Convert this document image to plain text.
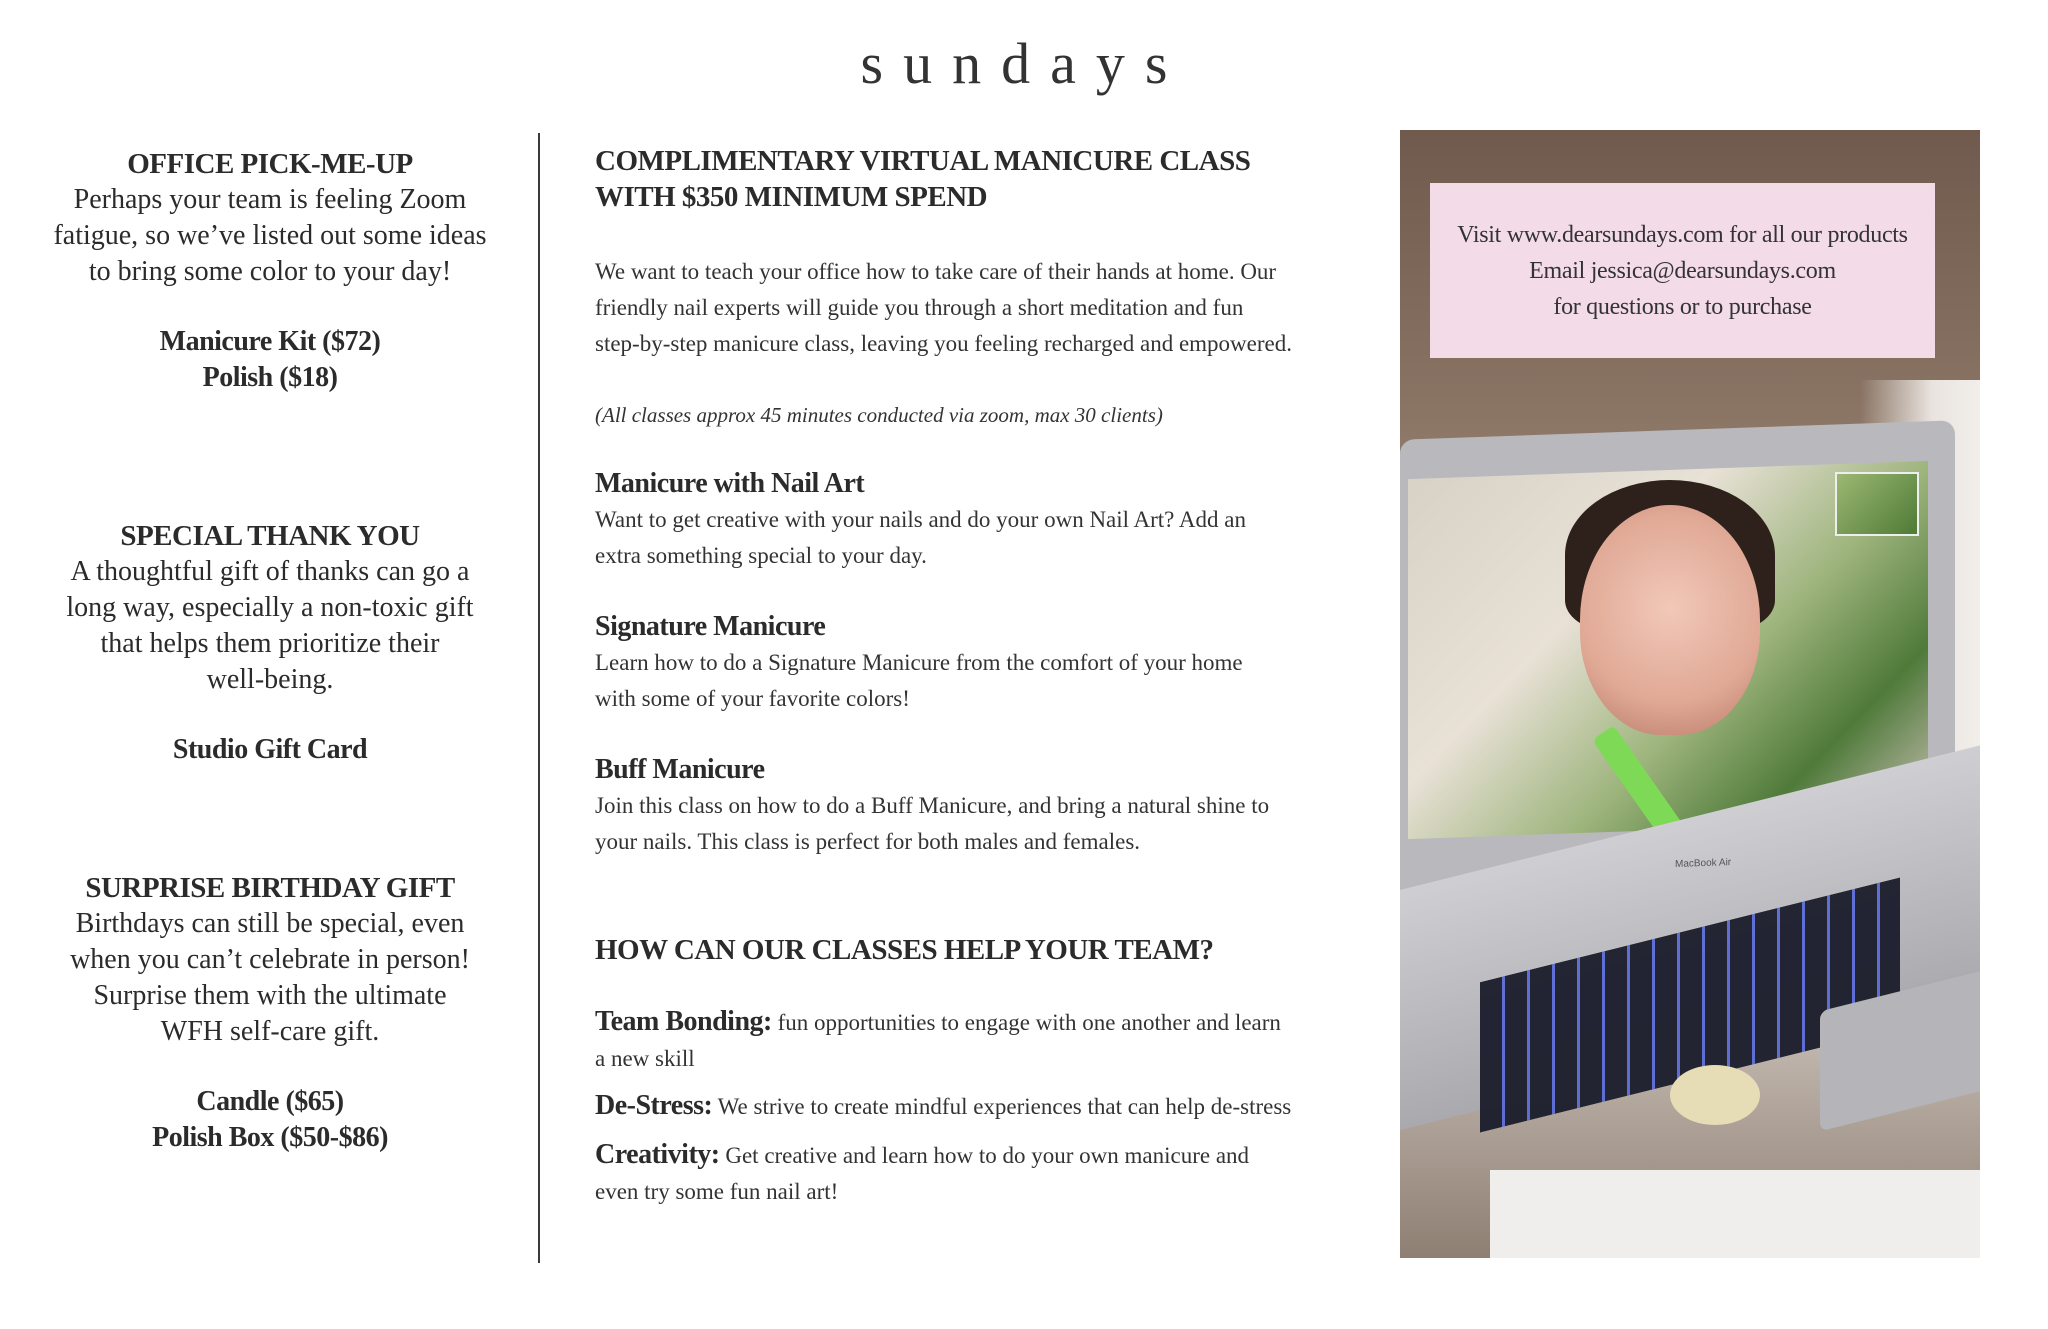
sundays

OFFICE PICK-ME-UP

Perhaps your team is feeling Zoom

fatigue, so we’ve listed out some ideas

to bring some color to your day!

Manicure Kit ($72)

Polish ($18)

SPECIAL THANK YOU

A thoughtful gift of thanks can go a

long way, especially a non-toxic gift

that helps them prioritize their

well-being.

Studio Gift Card

SURPRISE BIRTHDAY GIFT

Birthdays can still be special, even

when you can’t celebrate in person!

Surprise them with the ultimate

WFH self-care gift.

Candle ($65)

Polish Box ($50-$86)

COMPLIMENTARY VIRTUAL MANICURE CLASS

WITH $350 MINIMUM SPEND

We want to teach your office how to take care of their hands at home. Our

friendly nail experts will guide you through a short meditation and fun

step-by-step manicure class, leaving you feeling recharged and empowered.

(All classes approx 45 minutes conducted via zoom, max 30 clients)

Manicure with Nail Art

Want to get creative with your nails and do your own Nail Art? Add an

extra something special to your day.

Signature Manicure

Learn how to do a Signature Manicure from the comfort of your home

with some of your favorite colors!

Buff Manicure

Join this class on how to do a Buff Manicure, and bring a natural shine to

your nails. This class is perfect for both males and females.

HOW CAN OUR CLASSES HELP YOUR TEAM?

Team Bonding: fun opportunities to engage with one another and learn

a new skill

De-Stress: We strive to create mindful experiences that can help de-stress

Creativity: Get creative and learn how to do your own manicure and

even try some fun nail art!

MacBook Air
Visit www.dearsundays.com for all our products
Email jessica@dearsundays.com
for questions or to purchase
